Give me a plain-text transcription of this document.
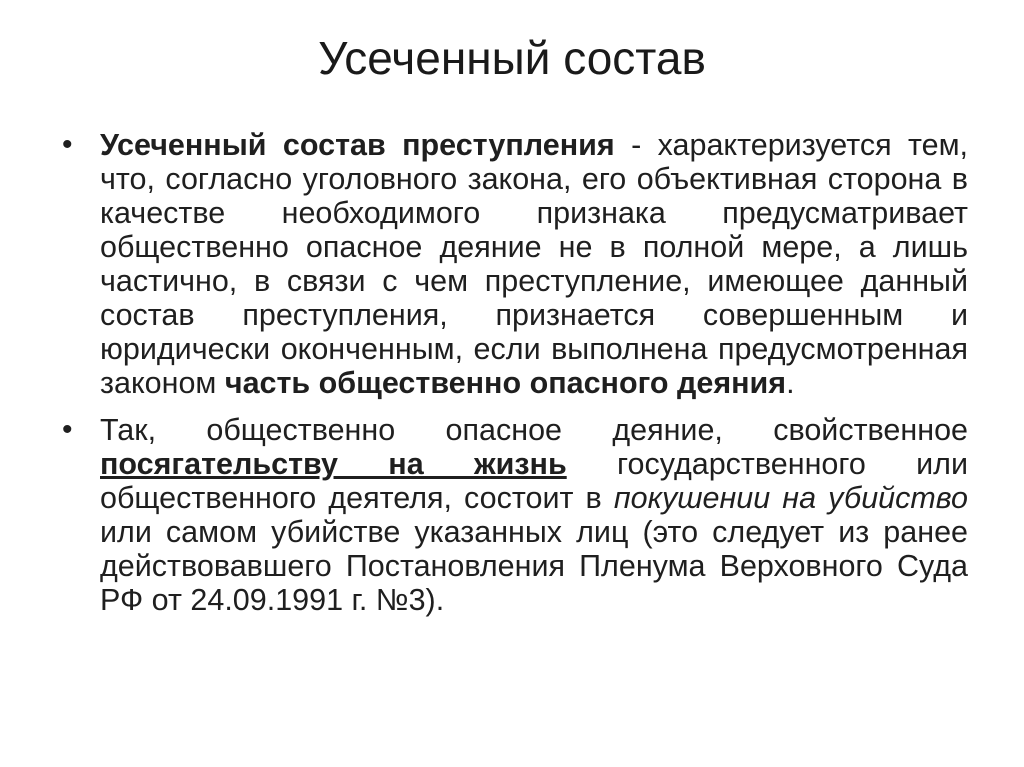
Усеченный состав
• Усеченный состав преступления - характеризуется тем, что, согласно уголовного закона, его объективная сторона в качестве необходимого признака предусматривает общественно опасное деяние не в полной мере, а лишь частично, в связи с чем преступление, имеющее данный состав преступления, признается совершенным и юридически оконченным, если выполнена предусмотренная законом часть общественно опасного деяния.
• Так, общественно опасное деяние, свойственное посягательству на жизнь государственного или общественного деятеля, состоит в покушении на убийство или самом убийстве указанных лиц (это следует из ранее действовавшего Постановления Пленума Верховного Суда РФ от 24.09.1991 г. №3).
